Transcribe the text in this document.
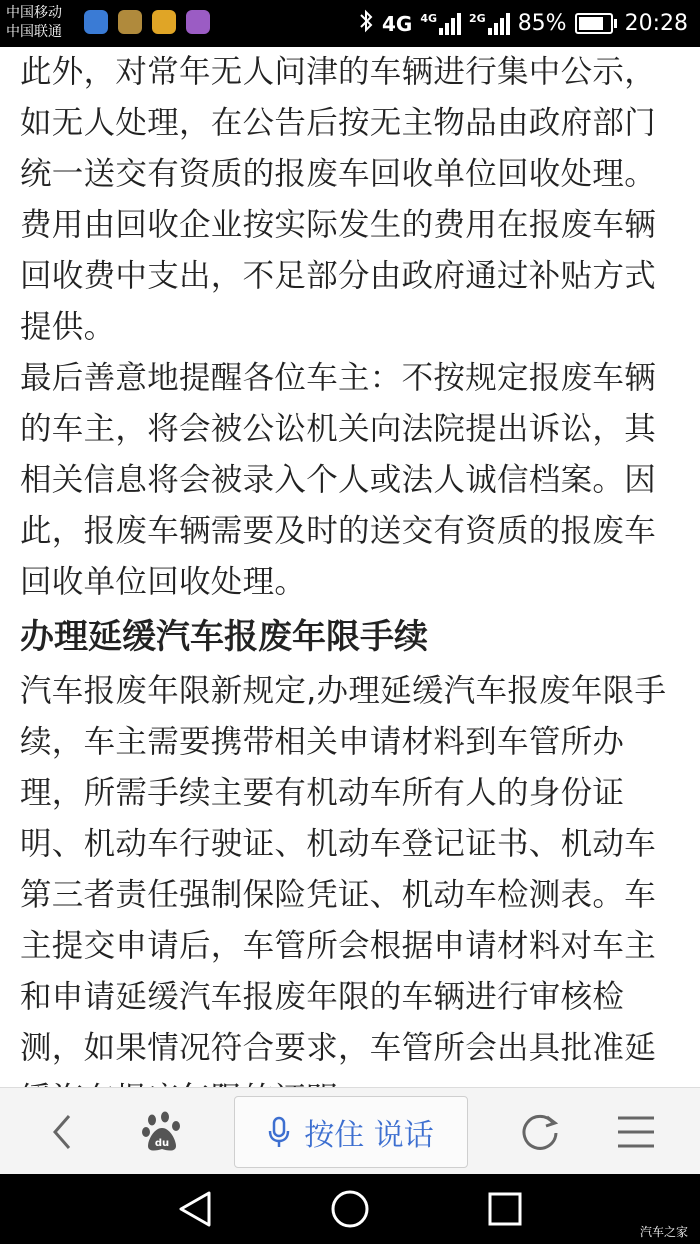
中国移动
中国联通	4G 4G	2G 85%	20:28

此外，对常年无人问津的车辆进行集中公示，如无人处理，在公告后按无主物品由政府部门统一送交有资质的报废车回收单位回收处理。费用由回收企业按实际发生的费用在报废车辆回收费中支出，不足部分由政府通过补贴方式提供。

最后善意地提醒各位车主：不按规定报废车辆的车主，将会被公讼机关向法院提出诉讼，其相关信息将会被录入个人或法人诚信档案。因此，报废车辆需要及时的送交有资质的报废车回收单位回收处理。

办理延缓汽车报废年限手续

汽车报废年限新规定,办理延缓汽车报废年限手续，车主需要携带相关申请材料到车管所办理，所需手续主要有机动车所有人的身份证明、机动车行驶证、机动车登记证书、机动车第三者责任强制保险凭证、机动车检测表。车主提交申请后，车管所会根据申请材料对车主和申请延缓汽车报废年限的车辆进行审核检测，如果情况符合要求，车管所会出具批准延

du	按住 说话
汽车之家
